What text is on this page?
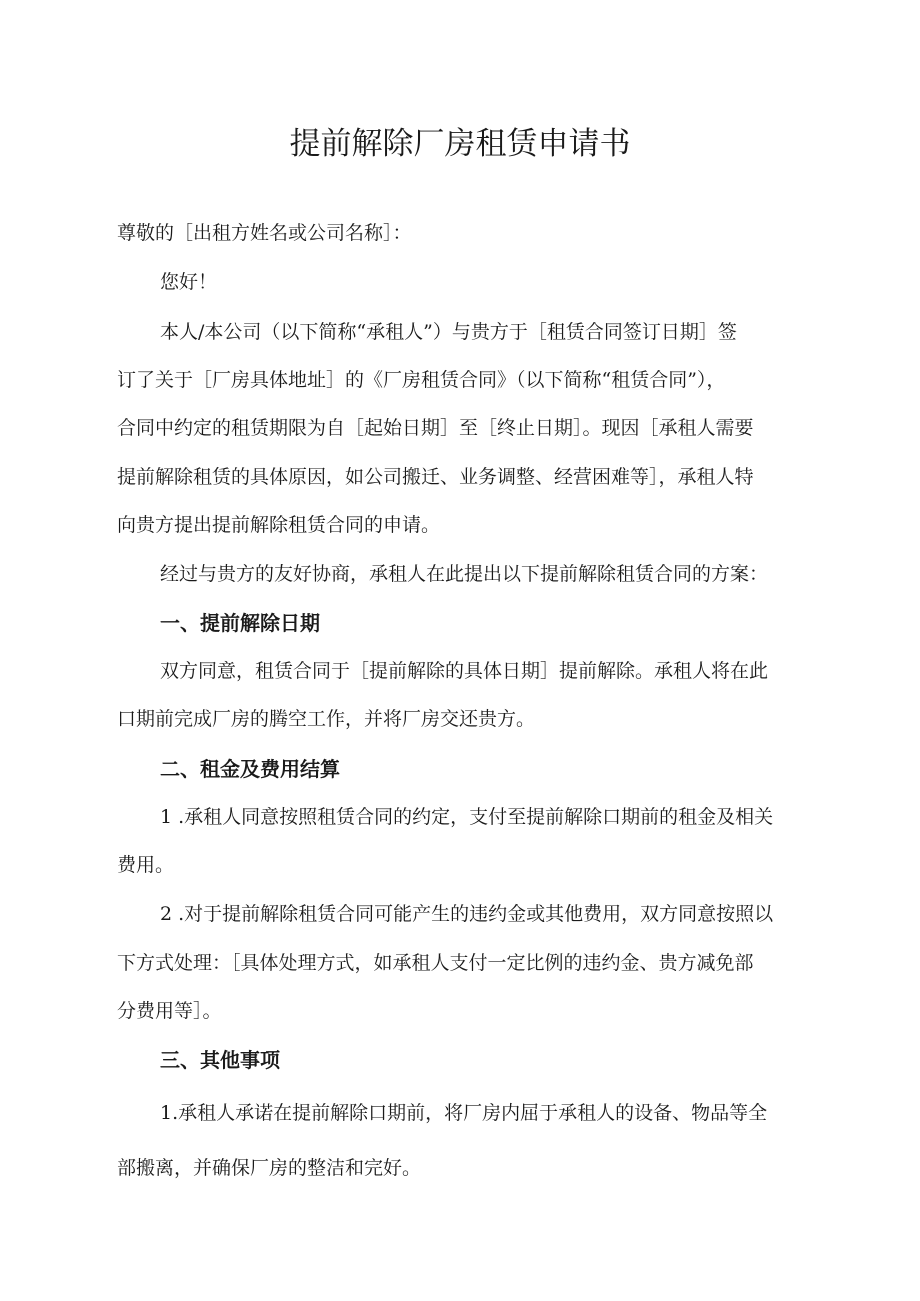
提前解除厂房租赁申请书

尊敬的［出租方姓名或公司名称］：

您好！

本人/本公司（以下简称“承租人”）与贵方于［租赁合同签订日期］签

订了关于［厂房具体地址］的《厂房租赁合同》（以下简称“租赁合同”），

合同中约定的租赁期限为自［起始日期］至［终止日期］。现因［承租人需要

提前解除租赁的具体原因，如公司搬迁、业务调整、经营困难等］，承租人特

向贵方提出提前解除租赁合同的申请。

经过与贵方的友好协商，承租人在此提出以下提前解除租赁合同的方案：

一、提前解除日期

双方同意，租赁合同于［提前解除的具体日期］提前解除。承租人将在此

口期前完成厂房的腾空工作，并将厂房交还贵方。

二、租金及费用结算

1 .承租人同意按照租赁合同的约定，支付至提前解除口期前的租金及相关

费用。

2 .对于提前解除租赁合同可能产生的违约金或其他费用，双方同意按照以

下方式处理：［具体处理方式，如承租人支付一定比例的违约金、贵方减免部

分费用等］。

三、其他事项

1.承租人承诺在提前解除口期前，将厂房内屈于承租人的设备、物品等全

部搬离，并确保厂房的整洁和完好。
